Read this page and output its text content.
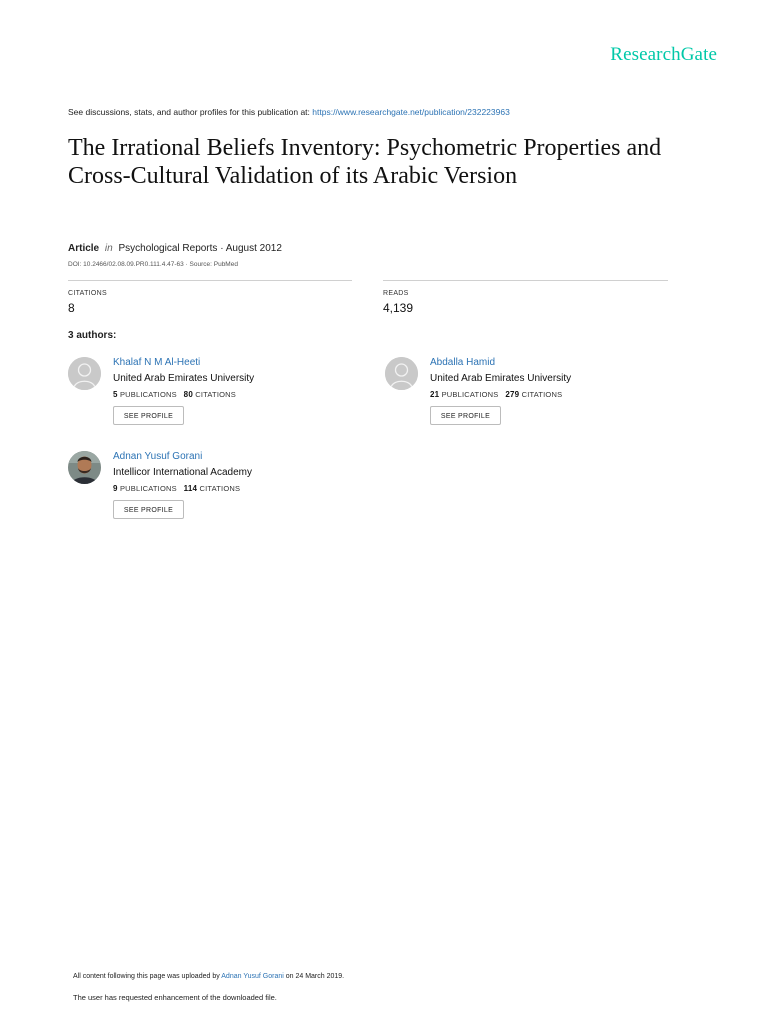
ResearchGate
See discussions, stats, and author profiles for this publication at: https://www.researchgate.net/publication/232223963
The Irrational Beliefs Inventory: Psychometric Properties and Cross-Cultural Validation of its Arabic Version
Article in Psychological Reports · August 2012
DOI: 10.2466/02.08.09.PR0.111.4.47-63 · Source: PubMed
CITATIONS
8
READS
4,139
3 authors:
Khalaf N M Al-Heeti
United Arab Emirates University
5 PUBLICATIONS 80 CITATIONS
SEE PROFILE
Abdalla Hamid
United Arab Emirates University
21 PUBLICATIONS 279 CITATIONS
SEE PROFILE
Adnan Yusuf Gorani
Intellicor International Academy
9 PUBLICATIONS 114 CITATIONS
SEE PROFILE
All content following this page was uploaded by Adnan Yusuf Gorani on 24 March 2019.
The user has requested enhancement of the downloaded file.
